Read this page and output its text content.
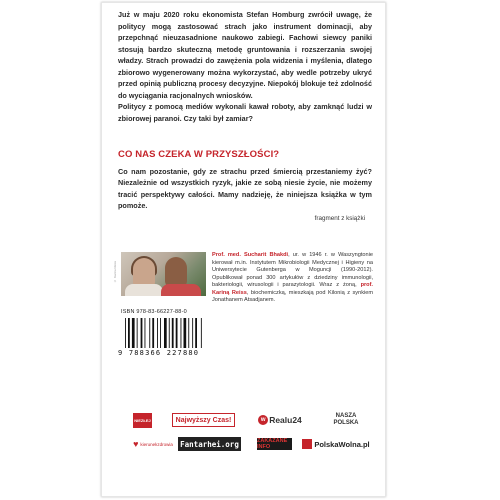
Już w maju 2020 roku ekonomista Stefan Homburg zwrócił uwagę, że politycy mogą zastosować strach jako instrument dominacji, aby przepchnąć nieuzasadnione naukowo zabiegi. Fachowi siewcy paniki stosują bardzo skuteczną metodę gruntowania i rozszerzania swojej władzy. Strach prowadzi do zawężenia pola widzenia i myślenia, dlatego zbiorowo wygenerowany można wykorzystać, aby wedle potrzeby ukryć przed opinią publiczną procesy decyzyjne. Niepokój blokuje też zdolność do wyciągania racjonalnych wniosków.
Politycy z pomocą mediów wykonali kawał roboty, aby zamknąć ludzi w zbiorowej paranoi. Czy taki był zamiar?
CO NAS CZEKA W PRZYSZŁOŚCI?
Co nam pozostanie, gdy ze strachu przed śmiercią przestaniemy żyć? Niezależnie od wszystkich ryzyk, jakie ze sobą niesie życie, nie możemy tracić perspektywy całości. Mamy nadzieję, że niniejsza książka w tym pomoże.
fragment z książki
© Karina Reiss
Prof. med. Sucharit Bhakdi, ur. w 1946 r. w Waszyngtonie kierował m.in. Instytutem Mikrobiologii Medycznej i Higieny na Uniwersytecie Gutenberga w Moguncji (1990-2012). Opublikował ponad 300 artykułów z dziedziny immunologii, bakteriologii, wirusologii i parazytologii. Wraz z żoną, prof. Kariną Reiss, biochemiczką, mieszkają pod Kilonią z synkiem Jonathanem Atsadjanem.
ISBN 978-83-66227-88-0
9 788366 227880
NIEZŁEJ	Najwyższy Czas!	w Realu24	NASZA
POLSKA
♥ kierunekzdrowia Fantarhei.org	ZAKAZANE INFO	PolskaWolna.pl
